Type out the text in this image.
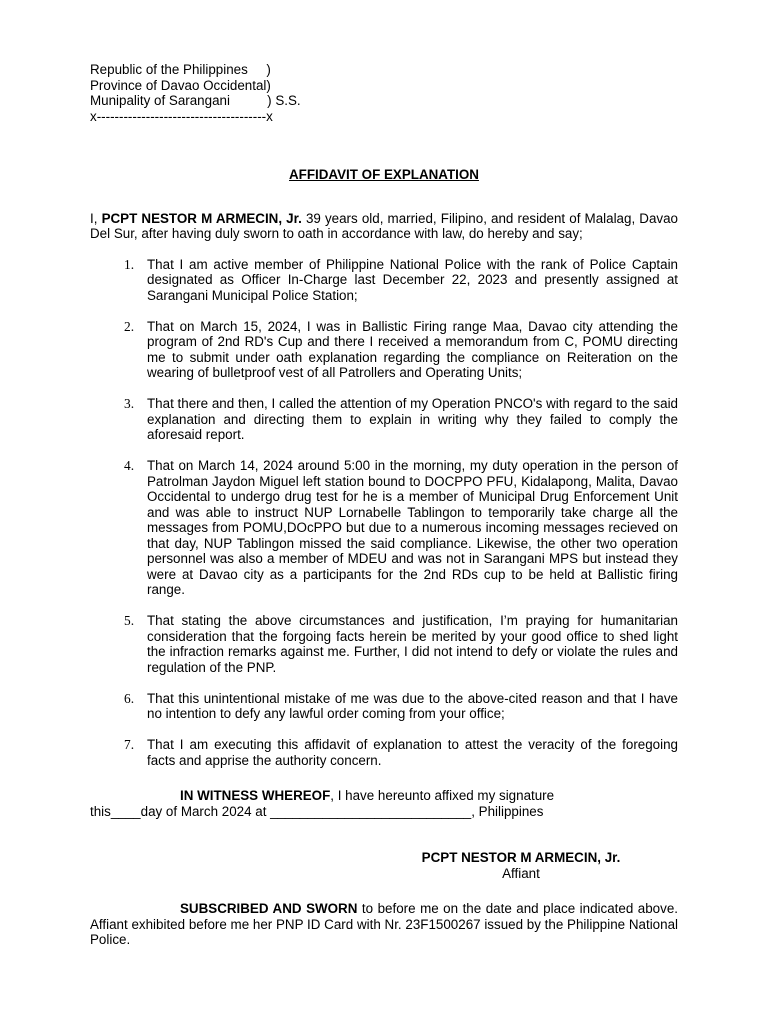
Republic of the Philippines     )
Province of Davao Occidental)
Munipality of Sarangani          ) S.S.
x--------------------------------------x
AFFIDAVIT OF EXPLANATION
I, PCPT NESTOR M ARMECIN, Jr. 39 years old, married, Filipino, and resident of Malalag, Davao Del Sur, after having duly sworn to oath in accordance with law, do hereby and say;
1. That I am active member of Philippine National Police with the rank of Police Captain designated as Officer In-Charge last December 22, 2023 and presently assigned at Sarangani Municipal Police Station;
2. That on March 15, 2024, I was in Ballistic Firing range Maa, Davao city attending the program of 2nd RD's Cup and there I received a memorandum from C, POMU directing me to submit under oath explanation regarding the compliance on Reiteration on the wearing of bulletproof vest of all Patrollers and Operating Units;
3. That there and then, I called the attention of my Operation PNCO's with regard to the said explanation and directing them to explain in writing why they failed to comply the aforesaid report.
4. That on March 14, 2024 around 5:00 in the morning, my duty operation in the person of Patrolman Jaydon Miguel left station bound to DOCPPO PFU, Kidalapong, Malita, Davao Occidental to undergo drug test for he is a member of Municipal Drug Enforcement Unit and was able to instruct NUP Lornabelle Tablingon to temporarily take charge all the messages from POMU,DOcPPO but due to a numerous incoming messages recieved on that day, NUP Tablingon missed the said compliance. Likewise, the other two operation personnel was also a member of MDEU and was not in Sarangani MPS but instead they were at Davao city as a participants for the 2nd RDs cup to be held at Ballistic firing range.
5. That stating the above circumstances and justification, I’m praying for humanitarian consideration that the forgoing facts herein be merited by your good office to shed light the infraction remarks against me. Further, I did not intend to defy or violate the rules and regulation of the PNP.
6. That this unintentional mistake of me was due to the above-cited reason and that I have no intention to defy any lawful order coming from your office;
7. That I am executing this affidavit of explanation to attest the veracity of the foregoing facts and apprise the authority concern.
IN WITNESS WHEREOF, I have hereunto affixed my signature
this____day of March 2024 at ___________________________, Philippines
PCPT NESTOR M ARMECIN, Jr.
Affiant
SUBSCRIBED AND SWORN to before me on the date and place indicated above. Affiant exhibited before me her PNP ID Card with Nr. 23F1500267 issued by the Philippine National Police.
